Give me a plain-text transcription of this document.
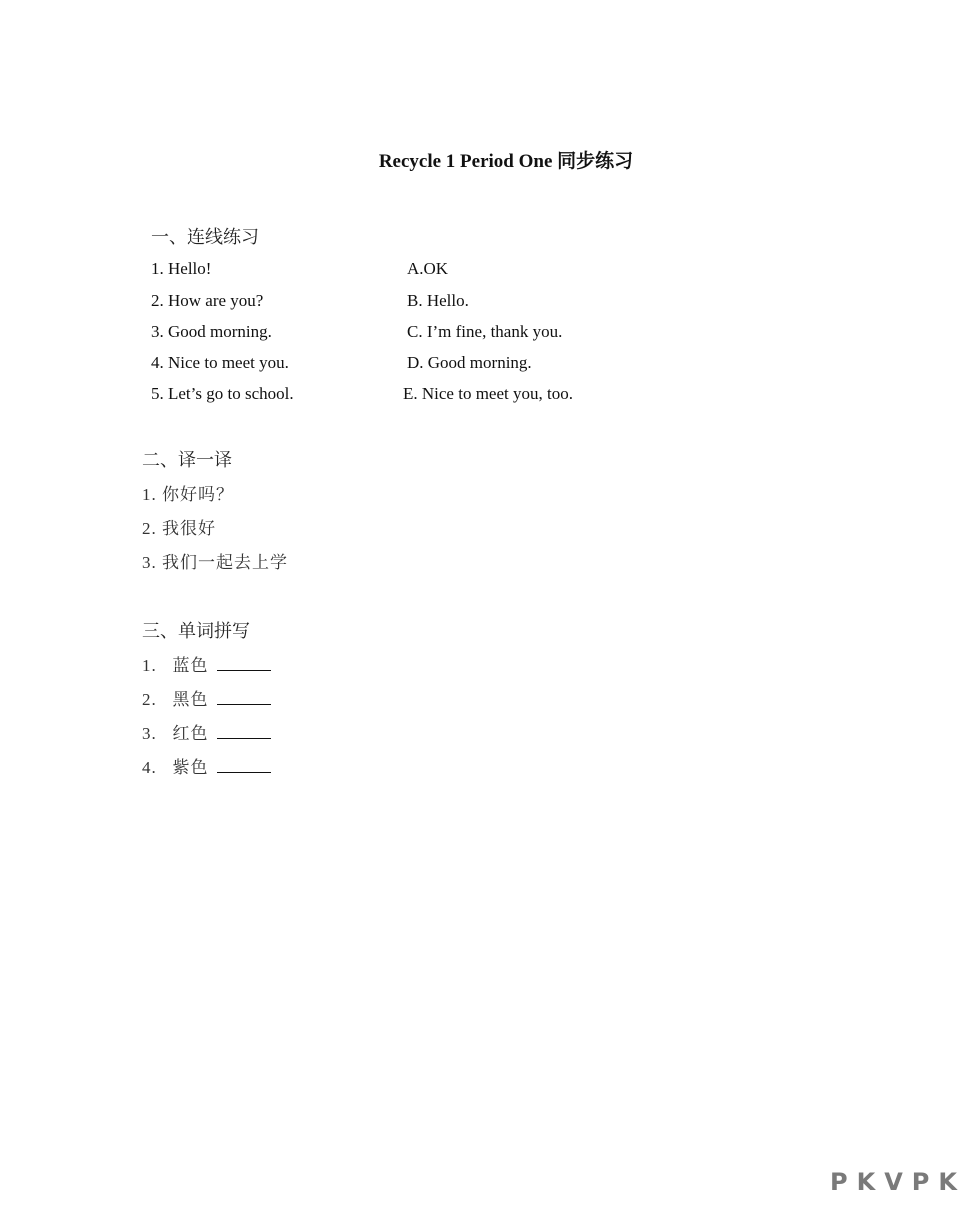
Recycle 1 Period One 同步练习
一、连线练习
1. Hello!
2. How are you?
3. Good morning.
4. Nice to meet you.
5. Let’s go to school.
A.OK
B. Hello.
C. I’m fine, thank you.
D. Good morning.
E. Nice to meet you, too.
二、译一译
1. 你好吗？
2. 我很好
3. 我们一起去上学
三、单词拼写
1.   蓝色
2.   黑色
3.   红色
4.   紫色
PKVPK
